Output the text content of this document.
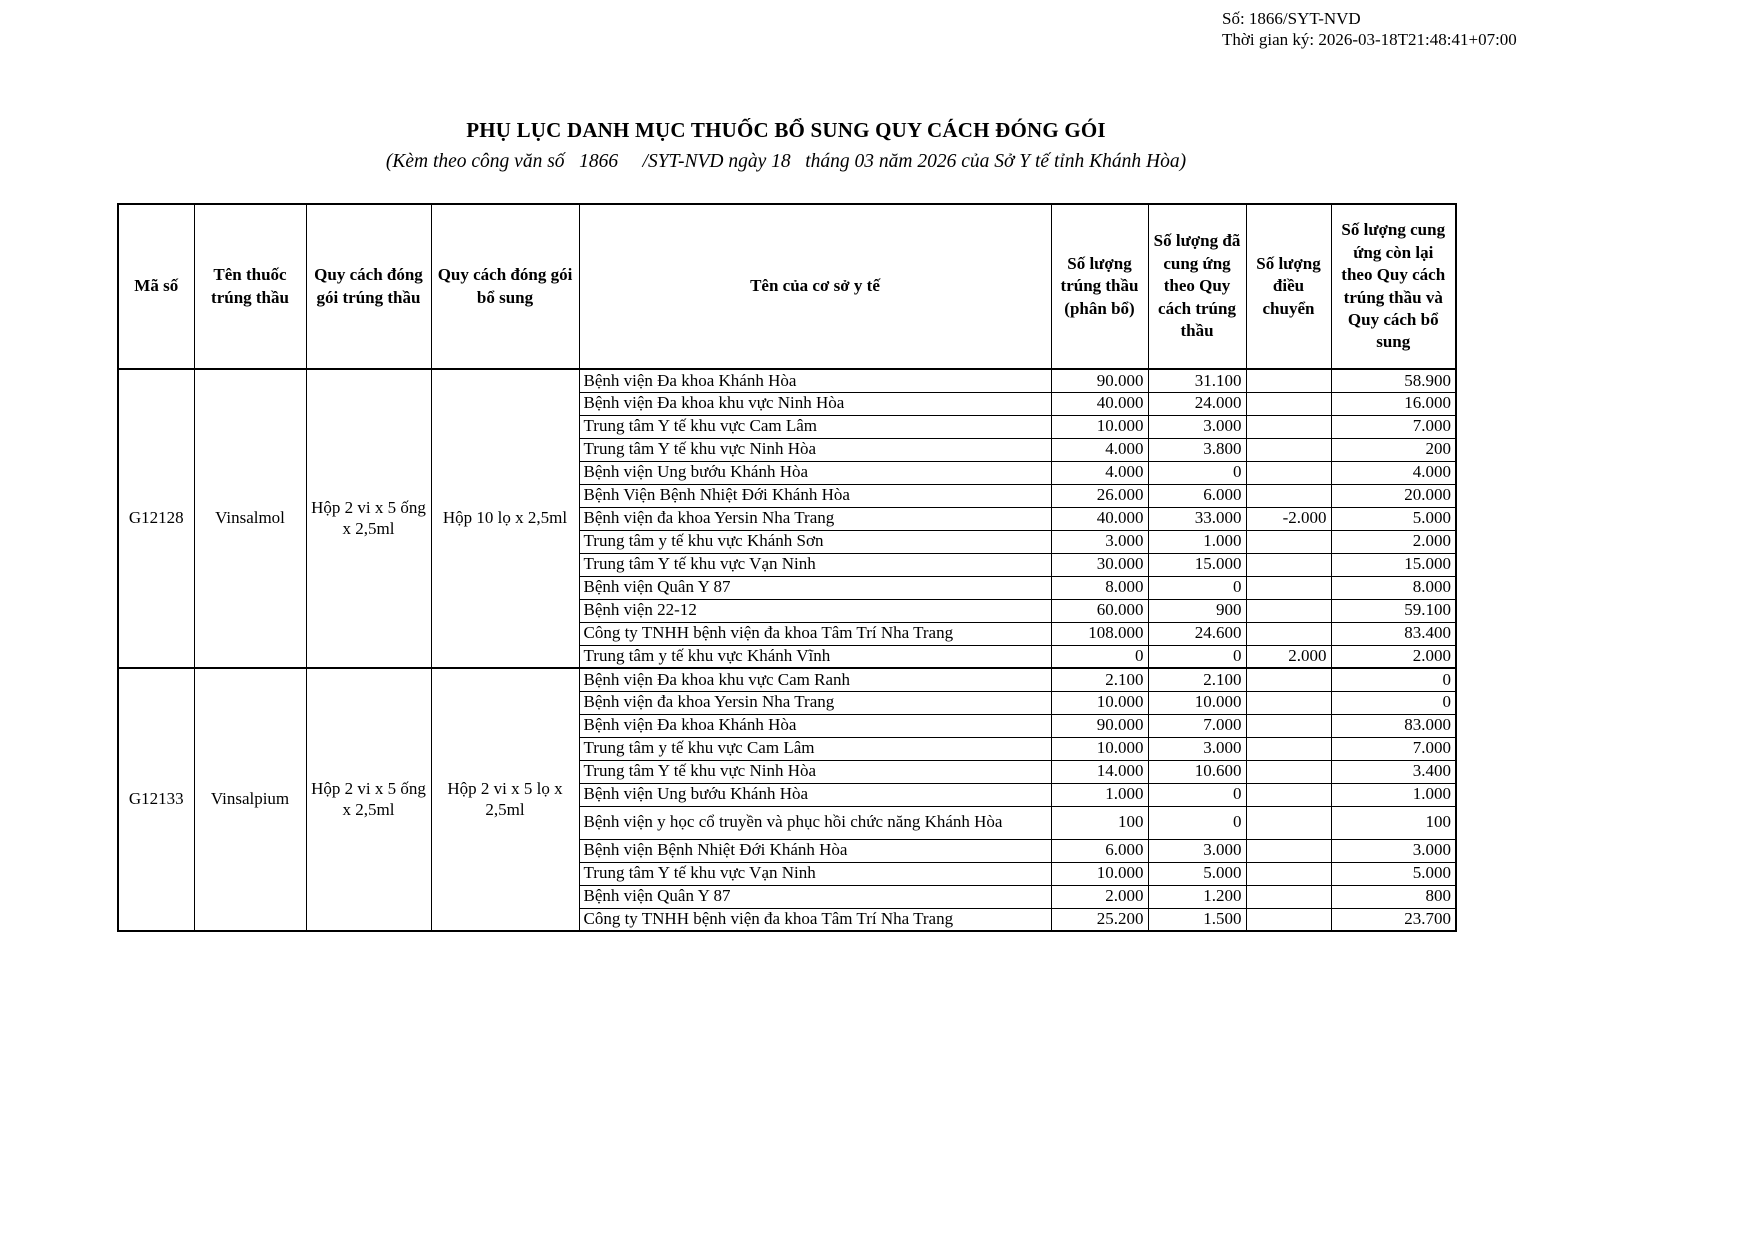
Số: 1866/SYT-NVD
Thời gian ký: 2026-03-18T21:48:41+07:00
PHỤ LỤC DANH MỤC THUỐC BỔ SUNG QUY CÁCH ĐÓNG GÓI
(Kèm theo công văn số   1866     /SYT-NVD ngày 18   tháng 03 năm 2026 của Sở Y tế tỉnh Khánh Hòa)
Mã số	Tên thuốc trúng thầu	Quy cách đóng gói trúng thầu	Quy cách đóng gói bổ sung	Tên của cơ sở y tế	Số lượng trúng thầu (phân bổ)	Số lượng đã cung ứng theo Quy cách trúng thầu	Số lượng điều chuyển	Số lượng cung ứng còn lại theo Quy cách trúng thầu và Quy cách bổ sung
G12128	Vinsalmol	Hộp 2 vi x 5 ống x 2,5ml	Hộp 10 lọ x 2,5ml	Bệnh viện Đa khoa Khánh Hòa	90.000	31.100		58.900
				Bệnh viện Đa khoa khu vực Ninh Hòa	40.000	24.000		16.000
				Trung tâm Y tế khu vực Cam Lâm	10.000	3.000		7.000
				Trung tâm Y tế khu vực Ninh Hòa	4.000	3.800		200
				Bệnh viện Ung bướu Khánh Hòa	4.000	0		4.000
				Bệnh Viện Bệnh Nhiệt Đới Khánh Hòa	26.000	6.000		20.000
				Bệnh viện đa khoa Yersin Nha Trang	40.000	33.000	-2.000	5.000
				Trung tâm y tế khu vực Khánh Sơn	3.000	1.000		2.000
				Trung tâm Y tế khu vực Vạn Ninh	30.000	15.000		15.000
				Bệnh viện Quân Y 87	8.000	0		8.000
				Bệnh viện 22-12	60.000	900		59.100
				Công ty TNHH bệnh viện đa khoa Tâm Trí Nha Trang	108.000	24.600		83.400
				Trung tâm y tế khu vực Khánh Vĩnh	0	0	2.000	2.000
G12133	Vinsalpium	Hộp 2 vi x 5 ống x 2,5ml	Hộp 2 vi x 5 lọ x 2,5ml	Bệnh viện Đa khoa khu vực Cam Ranh	2.100	2.100		0
				Bệnh viện đa khoa Yersin Nha Trang	10.000	10.000		0
				Bệnh viện Đa khoa Khánh Hòa	90.000	7.000		83.000
				Trung tâm y tế khu vực Cam Lâm	10.000	3.000		7.000
				Trung tâm Y tế khu vực Ninh Hòa	14.000	10.600		3.400
				Bệnh viện Ung bướu Khánh Hòa	1.000	0		1.000
				Bệnh viện y học cổ truyền và phục hồi chức năng Khánh Hòa	100	0		100
				Bệnh viện Bệnh Nhiệt Đới Khánh Hòa	6.000	3.000		3.000
				Trung tâm Y tế khu vực Vạn Ninh	10.000	5.000		5.000
				Bệnh viện Quân Y 87	2.000	1.200		800
				Công ty TNHH bệnh viện đa khoa Tâm Trí Nha Trang	25.200	1.500		23.700
